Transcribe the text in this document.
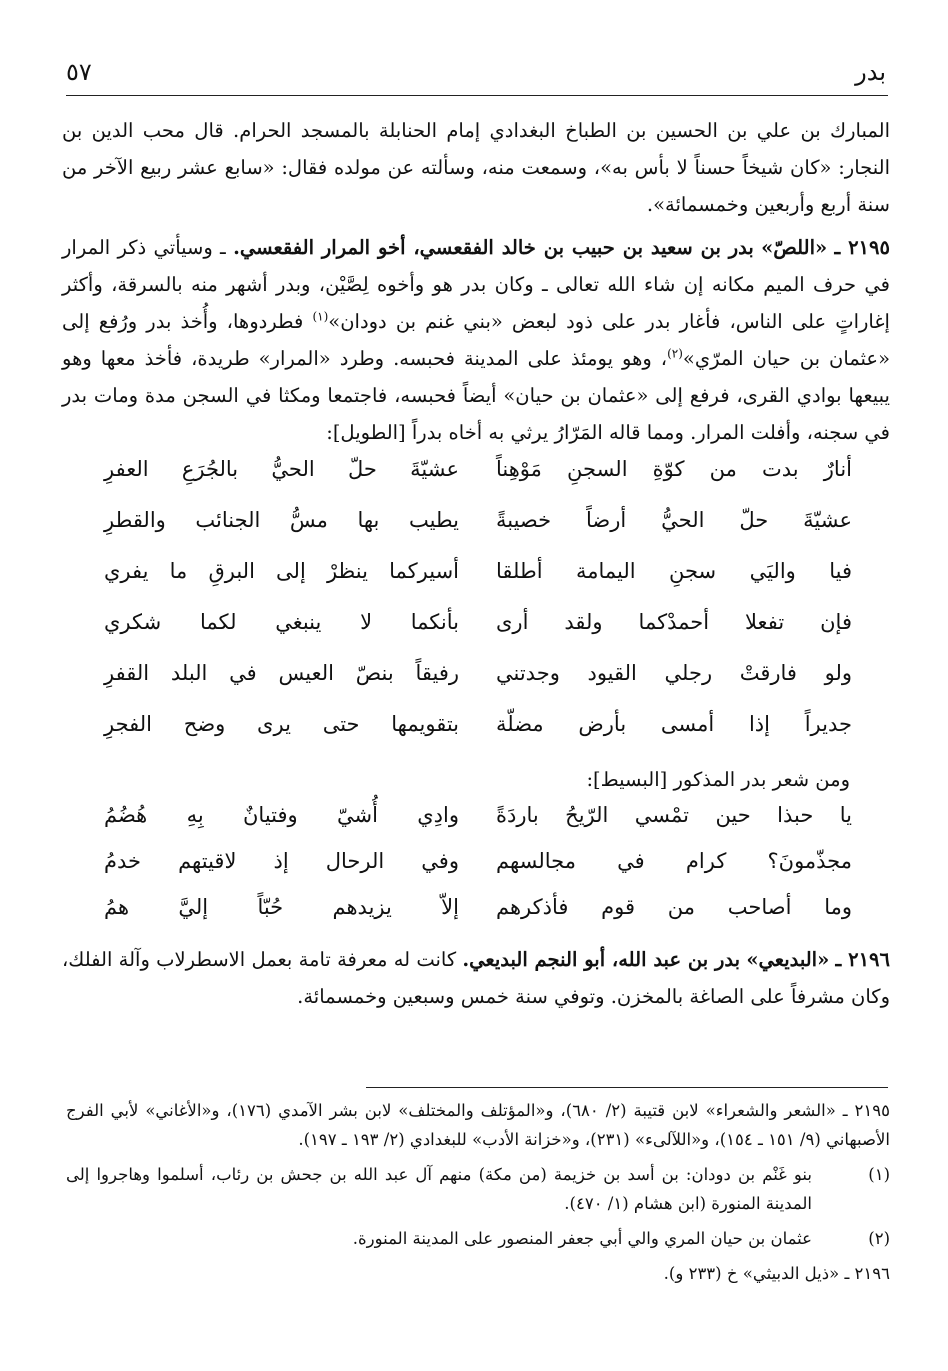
بدر
٥٧

المبارك بن علي بن الحسين بن الطباخ البغدادي إمام الحنابلة بالمسجد الحرام. قال محب الدين بن النجار: «كان شيخاً حسناً لا بأس به»، وسمعت منه، وسألته عن مولده فقال: «سابع عشر ربيع الآخر من سنة أربع وأربعين وخمسمائة».

٢١٩٥ ـ «اللصّ» بدر بن سعيد بن حبيب بن خالد الفقعسي، أخو المرار الفقعسي. ـ وسيأتي ذكر المرار في حرف الميم مكانه إن شاء الله تعالى ـ وكان بدر هو وأخوه لِصَّيْن، وبدر أشهر منه بالسرقة، وأكثر إغاراتٍ على الناس، فأغار بدر على ذود لبعض «بني غنم بن دودان»$^{(١)}$ فطردوها، وأُخذ بدر ورُفع إلى «عثمان بن حيان المرّي»$^{(٢)}$، وهو يومئذ على المدينة فحبسه. وطرد «المرار» طريدة، فأخذ معها وهو يبيعها بوادي القرى، فرفع إلى «عثمان بن حيان» أيضاً فحبسه، فاجتمعا ومكثا في السجن مدة ومات بدر في سجنه، وأفلت المرار. ومما قاله المَرّارُ يرثي به أخاه بدراً [الطويل]:

أنارٌ بدت من كوّةِ السجنِ مَوْهِناً
عشيّةَ حلّ الحيُّ بالجُرَعِ العفرِ
عشيّةَ حلّ الحيُّ أرضاً خصيبةً
يطيب بها مسُّ الجنائب والقطرِ
فيا واليَي سجنِ اليمامة أطلقا
أسيركما ينظرْ إلى البرقِ ما يفري
فإن تفعلا أحمدْكما ولقد أرى
بأنكما لا ينبغي لكما شكري
ولو فارقتْ رجلي القيود وجدتني
رفيقاً بنصّ العيس في البلد القفرِ
جديراً إذا أمسى بأرض مضلّة
بتقويمها حتى يرى وضح الفجرِ

ومن شعر بدر المذكور [البسيط]:

يا حبذا حين تمْسي الرّيحُ باردَةً
وادِي أُشيّ وفتيانٌ بِهِ هُضُمُ
مجذّمونَ؟ كرام في مجالسهم
وفي الرحال إذ لاقيتهم خدمُ
وما أصاحب من قوم فأذكرهم
إلاّ يزيدهم حُبّاً إليَّ همُ

٢١٩٦ ـ «البديعي» بدر بن عبد الله، أبو النجم البديعي. كانت له معرفة تامة بعمل الاسطرلاب وآلة الفلك، وكان مشرفاً على الصاغة بالمخزن. وتوفي سنة خمس وسبعين وخمسمائة.

٢١٩٥ ـ «الشعر والشعراء» لابن قتيبة (٢/ ٦٨٠)، و«المؤتلف والمختلف» لابن بشر الآمدي (١٧٦)، و«الأغاني» لأبي الفرج الأصبهاني (٩/ ١٥١ ـ ١٥٤)، و«اللآلىء» (٢٣١)، و«خزانة الأدب» للبغدادي (٢/ ١٩٣ ـ ١٩٧).

(١)
بنو غَنْم بن دودان: بن أسد بن خزيمة (من مكة) منهم آل عبد الله بن جحش بن رئاب، أسلموا وهاجروا إلى المدينة المنورة (ابن هشام (١/ ٤٧٠).

(٢)
عثمان بن حيان المري والي أبي جعفر المنصور على المدينة المنورة.

٢١٩٦ ـ «ذيل الدبيثي» خ (٢٣٣ و).
